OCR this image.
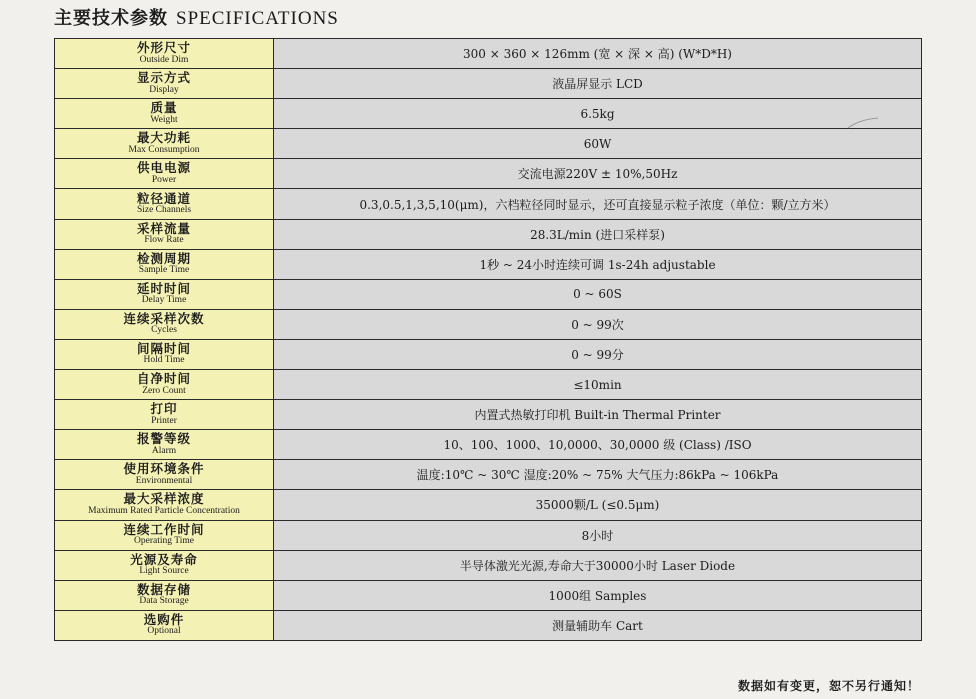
主要技术参数 SPECIFICATIONS
外形尺寸
Outside Dim	300 × 360 × 126mm (宽 × 深 × 高) (W*D*H)

显示方式
Display	液晶屏显示 LCD

质量
Weight	6.5kg

最大功耗
Max Consumption	60W

供电电源
Power	交流电源220V ± 10%,50Hz

粒径通道
Size Channels	0.3,0.5,1,3,5,10(μm)，六档粒径同时显示，还可直接显示粒子浓度（单位：颗/立方米）

采样流量
Flow Rate	28.3L/min (进口采样泵)

检测周期
Sample Time	1秒 ~ 24小时连续可调 1s-24h adjustable

延时时间
Delay Time	0 ~ 60S

连续采样次数
Cycles	0 ~ 99次

间隔时间
Hold Time	0 ~ 99分

自净时间
Zero Count	≤10min

打印
Printer	内置式热敏打印机 Built-in Thermal Printer

报警等级
Alarm	10、100、1000、10,0000、30,0000 级 (Class) /ISO

使用环境条件
Environmental	温度:10℃ ~ 30℃ 湿度:20% ~ 75% 大气压力:86kPa ~ 106kPa

最大采样浓度
Maximum Rated Particle Concentration	35000颗/L (≤0.5μm)

连续工作时间
Operating Time	8小时

光源及寿命
Light Source	半导体激光光源,寿命大于30000小时 Laser Diode

数据存储
Data Storage	1000组 Samples

选购件
Optional	测量辅助车 Cart
数据如有变更，恕不另行通知！
